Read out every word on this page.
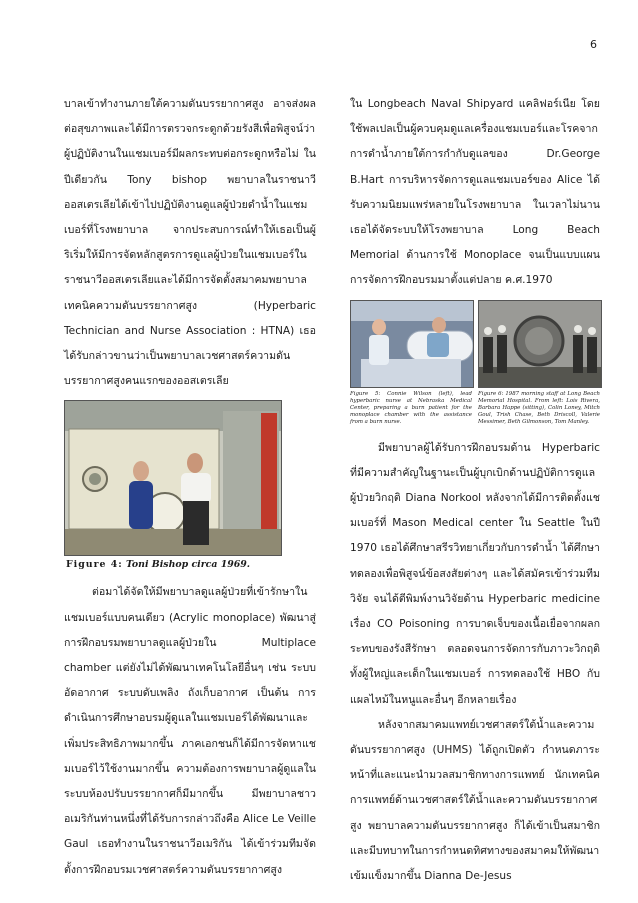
6

บาลเข้าทำงานภายใต้ความดันบรรยากาศสูง อาจส่งผลต่อสุขภาพและได้มีการตรวจกระดูกด้วยรังสีเพื่อพิสูจน์ว่าผู้ปฏิบัติงานในแชมเบอร์มีผลกระทบต่อกระดูกหรือไม่ ในปีเดียวกัน Tony bishop พยาบาลในราชนาวีออสเตรเลียได้เข้าไปปฏิบัติงานดูแลผู้ป่วยดำน้ำในแชมเบอร์ที่โรงพยาบาล จากประสบการณ์ทำให้เธอเป็นผู้ริเริ่มให้มีการจัดหลักสูตรการดูแลผู้ป่วยในแชมเบอร์ในราชนาวีออสเตรเลียและได้มีการจัดตั้งสมาคมพยาบาลเทคนิคความดันบรรยากาศสูง (Hyperbaric Technician and Nurse Association : HTNA) เธอได้รับกล่าวขานว่าเป็นพยาบาลเวชศาสตร์ความดันบรรยากาศสูงคนแรกของออสเตรเลีย

Figure 4: Toni Bishop circa 1969.

ต่อมาได้จัดให้มีพยาบาลดูแลผู้ป่วยที่เข้ารักษาในแชมเบอร์แบบคนเดียว (Acrylic monoplace) พัฒนาสู่การฝึกอบรมพยาบาลดูแลผู้ป่วยใน Multiplace chamber แต่ยังไม่ได้พัฒนาเทคโนโลยีอื่นๆ เช่น ระบบอัดอากาศ ระบบดับเพลิง ถังเก็บอากาศ เป็นต้น การดำเนินการศึกษาอบรมผู้ดูแลในแชมเบอร์ได้พัฒนาและเพิ่มประสิทธิภาพมากขึ้น ภาคเอกชนก็ได้มีการจัดหาแชมเบอร์ไว้ใช้งานมากขึ้น ความต้องการพยาบาลผู้ดูแลในระบบห้องปรับบรรยากาศก็มีมากขึ้น มีพยาบาลชาวอเมริกันท่านหนึ่งที่ได้รับการกล่าวถึงคือ Alice Le Veille Gaul เธอทำงานในราชนาวีอเมริกัน ได้เข้าร่วมทีมจัดตั้งการฝึกอบรมเวชศาสตร์ความดันบรรยากาศสูง

ใน Longbeach Naval Shipyard แคลิฟอร์เนีย โดยใช้พลเปลเป็นผู้ควบคุมดูแลเครื่องแชมเบอร์และโรคจากการดำน้ำภายใต้การกำกับดูแลของ Dr.George B.Hart การบริหารจัดการดูแลแชมเบอร์ของ Alice ได้รับความนิยมแพร่หลายในโรงพยาบาล ในเวลาไม่นานเธอได้จัดระบบให้โรงพยาบาล Long Beach Memorial ด้านการใช้ Monoplace จนเป็นแบบแผนการจัดการฝึกอบรมมาตั้งแต่ปลาย ค.ศ.1970

Figure 5: Connie Wilson (left), lead hyperbaric nurse at Nebraska Medical Center, preparing a burn patient for the monoplace chamber with the assistance from a burn nurse.
Figure 6: 1987 morning staff at Long Beach Memorial Hospital. From left: Lois Rivera, Barbara Happe (sitting), Colin Loney, Mitch Goul, Trish Chase, Beth Driscoll, Valerie Messimer, Beth Gilmonson, Tom Manley.

มีพยาบาลผู้ได้รับการฝึกอบรมด้าน Hyperbaric ที่มีความสำคัญในฐานะเป็นผู้บุกเบิกด้านปฏิบัติการดูแลผู้ป่วยวิกฤติ Diana Norkool หลังจากได้มีการติดตั้งแชมเบอร์ที่ Mason Medical center ใน Seattle ในปี 1970 เธอได้ศึกษาสรีรวิทยาเกี่ยวกับการดำน้ำ ได้ศึกษาทดลองเพื่อพิสูจน์ข้อสงสัยต่างๆ และได้สมัครเข้าร่วมทีมวิจัย จนได้ตีพิมพ์งานวิจัยด้าน Hyperbaric medicine เรื่อง CO Poisoning การบาดเจ็บของเนื้อเยื่อจากผลกระทบของรังสีรักษา ตลอดจนการจัดการกับภาวะวิกฤติทั้งผู้ใหญ่และเด็กในแชมเบอร์ การทดลองใช้ HBO กับแผลไหม้ในหนูและอื่นๆ อีกหลายเรื่อง

หลังจากสมาคมแพทย์เวชศาสตร์ใต้น้ำและความดันบรรยากาศสูง (UHMS) ได้ถูกเปิดตัว กำหนดภาระหน้าที่และแนะนำมวลสมาชิกทางการแพทย์ นักเทคนิคการแพทย์ด้านเวชศาสตร์ใต้น้ำและความดันบรรยากาศสูง พยาบาลความดันบรรยากาศสูง ก็ได้เข้าเป็นสมาชิกและมีบทบาทในการกำหนดทิศทางของสมาคมให้พัฒนาเข้มแข็งมากขึ้น Dianna De-Jesus
